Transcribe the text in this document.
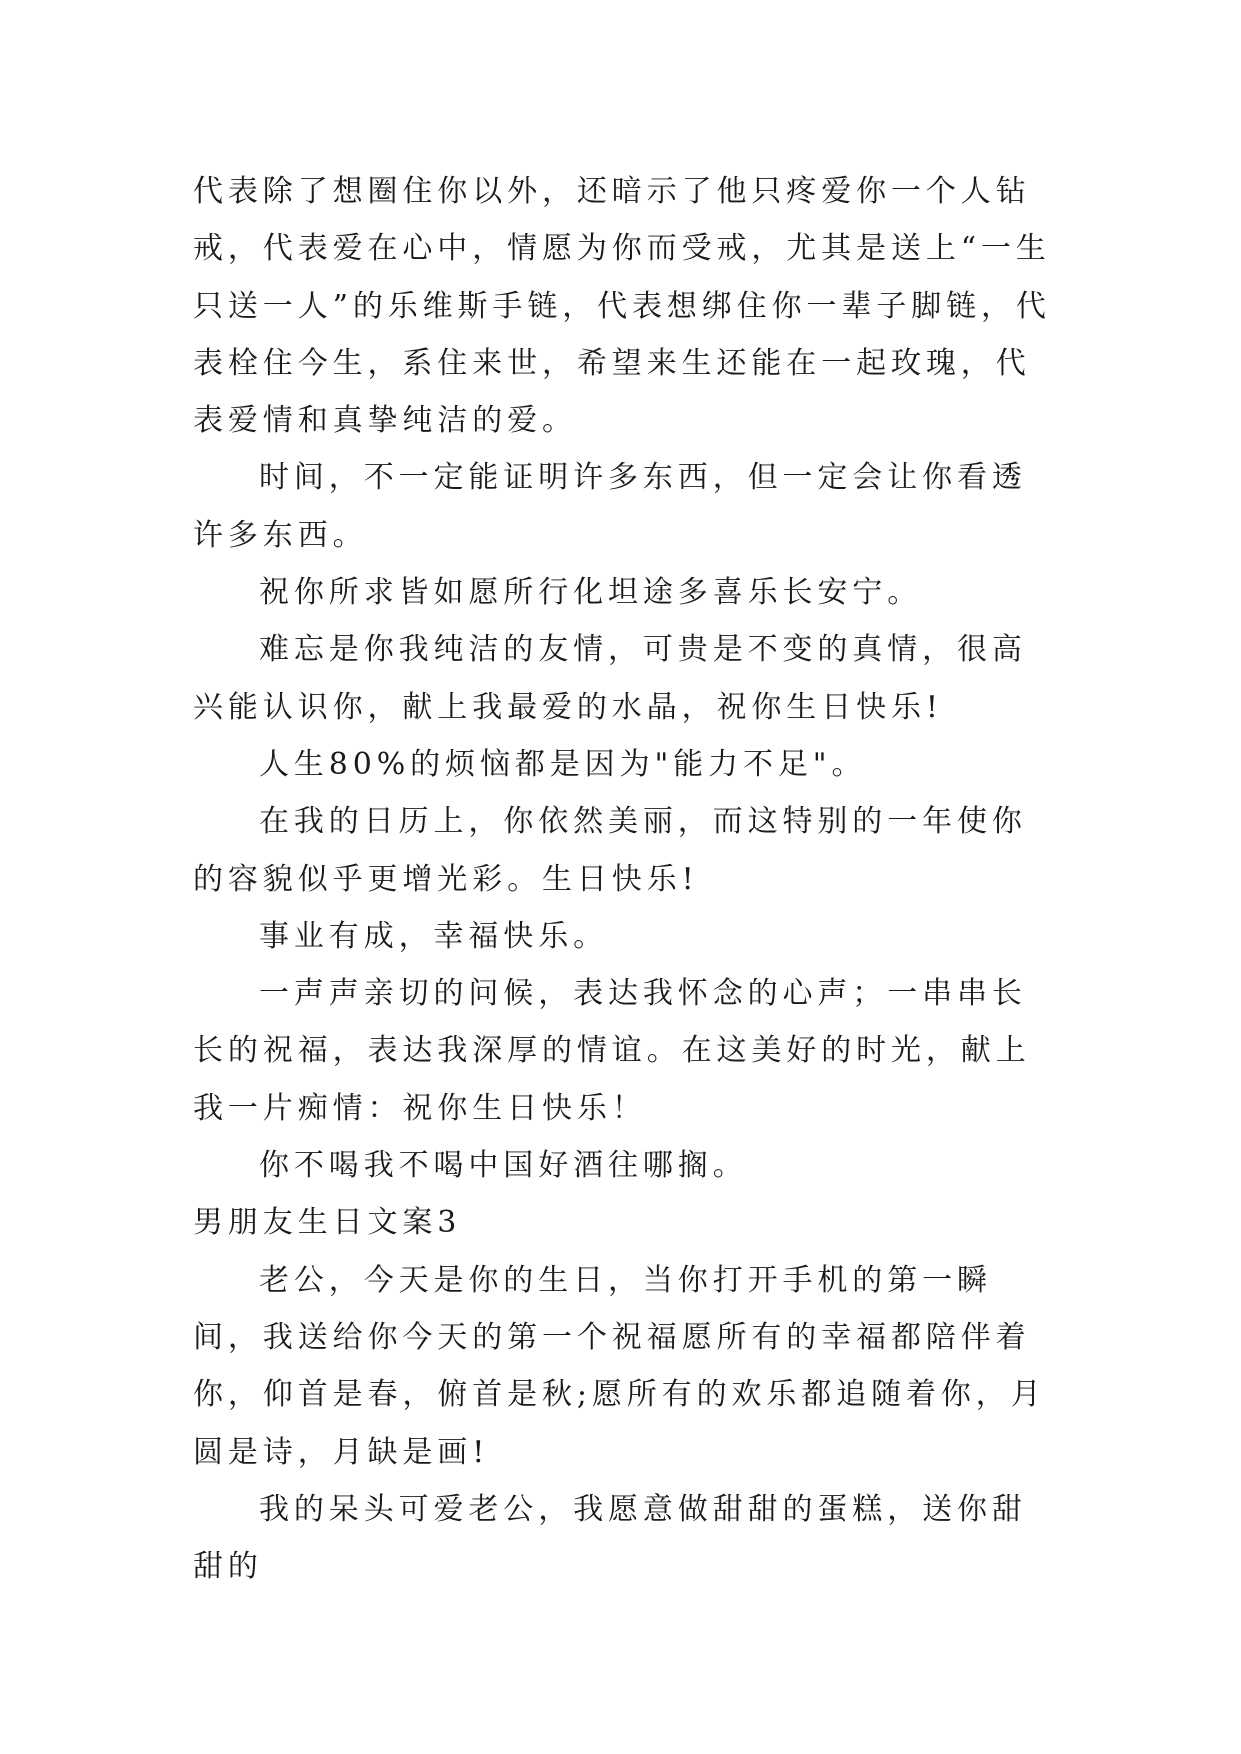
代表除了想圈住你以外，还暗示了他只疼爱你一个人钻戒，代表爱在心中，情愿为你而受戒，尤其是送上“一生只送一人”的乐维斯手链，代表想绑住你一辈子脚链，代表栓住今生，系住来世，希望来生还能在一起玫瑰，代表爱情和真挚纯洁的爱。

时间，不一定能证明许多东西，但一定会让你看透许多东西。

祝你所求皆如愿所行化坦途多喜乐长安宁。

难忘是你我纯洁的友情，可贵是不变的真情，很高兴能认识你，献上我最爱的水晶，祝你生日快乐!

人生80%的烦恼都是因为"能力不足"。

在我的日历上，你依然美丽，而这特别的一年使你的容貌似乎更增光彩。生日快乐!

事业有成，幸福快乐。

一声声亲切的问候，表达我怀念的心声；一串串长长的祝福，表达我深厚的情谊。在这美好的时光，献上我一片痴情：祝你生日快乐！

你不喝我不喝中国好酒往哪搁。

男朋友生日文案3

老公，今天是你的生日，当你打开手机的第一瞬间，我送给你今天的第一个祝福愿所有的幸福都陪伴着你，仰首是春，俯首是秋;愿所有的欢乐都追随着你，月圆是诗，月缺是画!

我的呆头可爱老公，我愿意做甜甜的蛋糕，送你甜甜的
